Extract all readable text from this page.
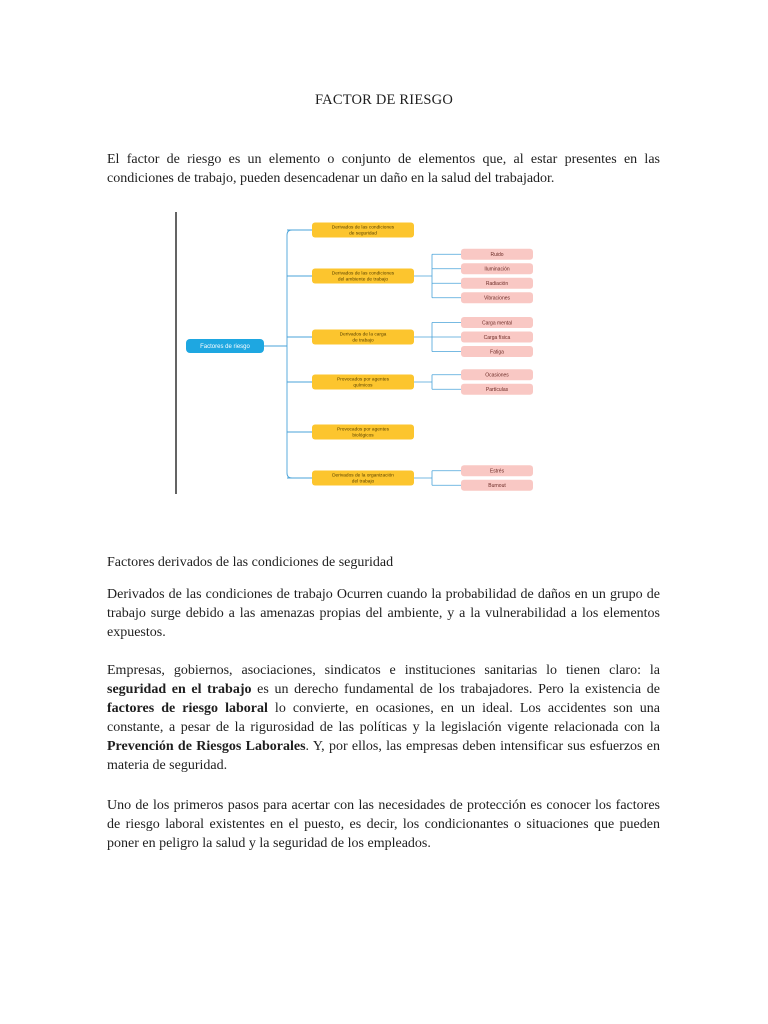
FACTOR DE RIESGO

El factor de riesgo es un elemento o conjunto de elementos que, al estar presentes en las condiciones de trabajo, pueden desencadenar un daño en la salud del trabajador.

Factores de riesgo
Derivados de las condiciones
de seguridad
Derivados de las condiciones
del ambiente de trabajo
Ruido
Iluminación
Radiación
Vibraciones
Derivados de la carga
de trabajo
Carga mental
Carga física
Fatiga
Provocados por agentes
químicos
Ocasiones
Partículas
Provocados por agentes
biológicos
Derivados de la organización
del trabajo
Estrés
Burnout
Factores derivados de las condiciones de seguridad

Derivados de las condiciones de trabajo Ocurren cuando la probabilidad de daños en un grupo de trabajo surge debido a las amenazas propias del ambiente, y a la vulnerabilidad a los elementos expuestos.

Empresas, gobiernos, asociaciones, sindicatos e instituciones sanitarias lo tienen claro: la seguridad en el trabajo es un derecho fundamental de los trabajadores. Pero la existencia de factores de riesgo laboral lo convierte, en ocasiones, en un ideal. Los accidentes son una constante, a pesar de la rigurosidad de las políticas y la legislación vigente relacionada con la Prevención de Riesgos Laborales. Y, por ellos, las empresas deben intensificar sus esfuerzos en materia de seguridad.

Uno de los primeros pasos para acertar con las necesidades de protección es conocer los factores de riesgo laboral existentes en el puesto, es decir, los condicionantes o situaciones que pueden poner en peligro la salud y la seguridad de los empleados.
